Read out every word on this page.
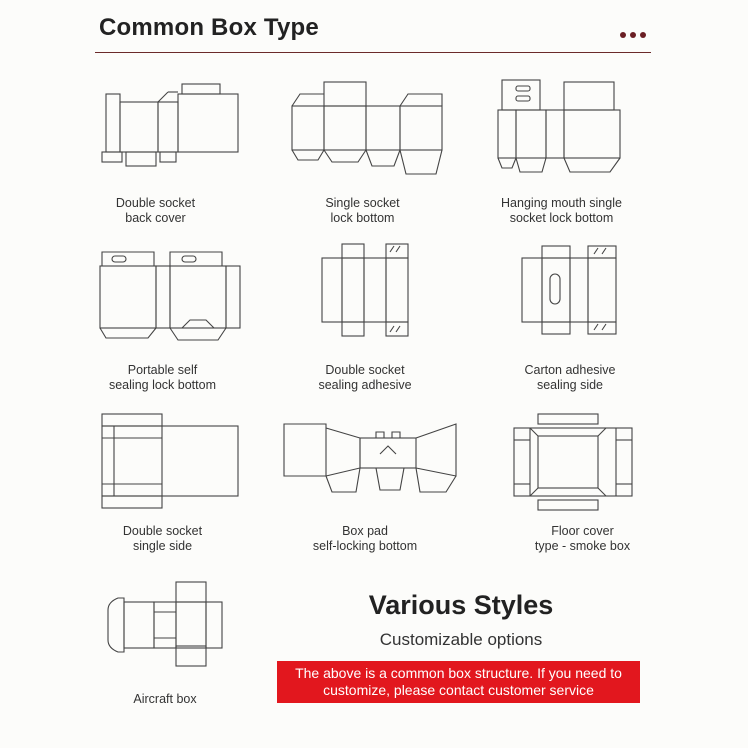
Common Box Type
Double socket
back cover
Single socket
lock bottom
Hanging mouth single
socket lock bottom
Portable self
sealing lock bottom
Double socket
sealing adhesive
Carton adhesive
sealing side
Double socket
single side
Box pad
self-locking bottom
Floor cover
type - smoke box
Aircraft box
Various Styles
Customizable options
The above is a common box structure. If you need to
customize, please contact customer service
